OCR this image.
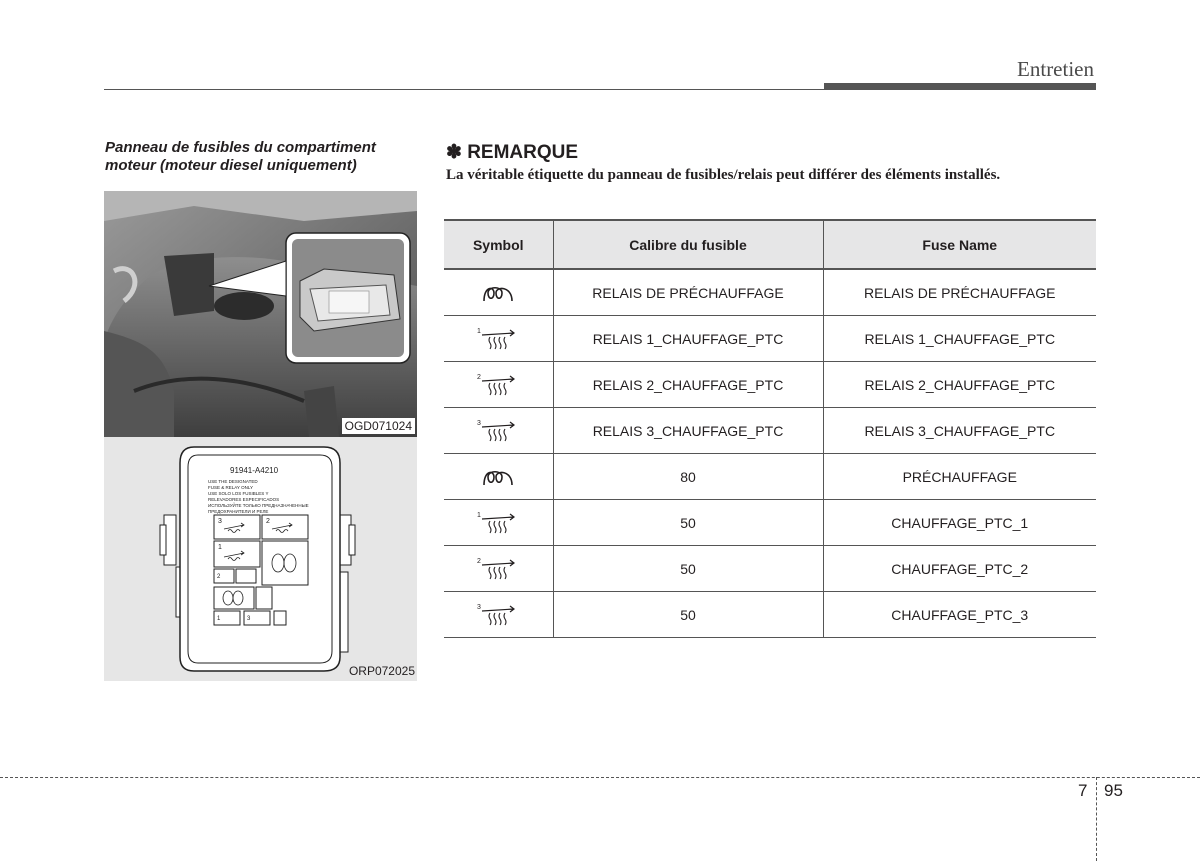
Entretien
Panneau de fusibles du compartiment moteur (moteur diesel uniquement)
OGD071024
91941-A4210
USE THE DESIGNATED
FUSE & RELAY ONLY
USE SOLO LOS FUSIBLES Y
RELEVADORES ESPECIFICADOS
ИСПОЛЬЗУЙТЕ ТОЛЬКО ПРЕДНАЗНАЧЕННЫЕ
ПРЕДОХРАНИТЕЛИ И РЕЛЕ
3	2
1
2
1	3
ORP072025
✽ REMARQUE
La véritable étiquette du panneau de fusibles/relais peut différer des éléments installés.
Symbol	Calibre du fusible	Fuse Name
	RELAIS DE PRÉCHAUFFAGE	RELAIS DE PRÉCHAUFFAGE

1	RELAIS 1_CHAUFFAGE_PTC	RELAIS 1_CHAUFFAGE_PTC

2	RELAIS 2_CHAUFFAGE_PTC	RELAIS 2_CHAUFFAGE_PTC

3	RELAIS 3_CHAUFFAGE_PTC	RELAIS 3_CHAUFFAGE_PTC
	80	PRÉCHAUFFAGE

1	50	CHAUFFAGE_PTC_1

2	50	CHAUFFAGE_PTC_2

3	50	CHAUFFAGE_PTC_3
7 95
